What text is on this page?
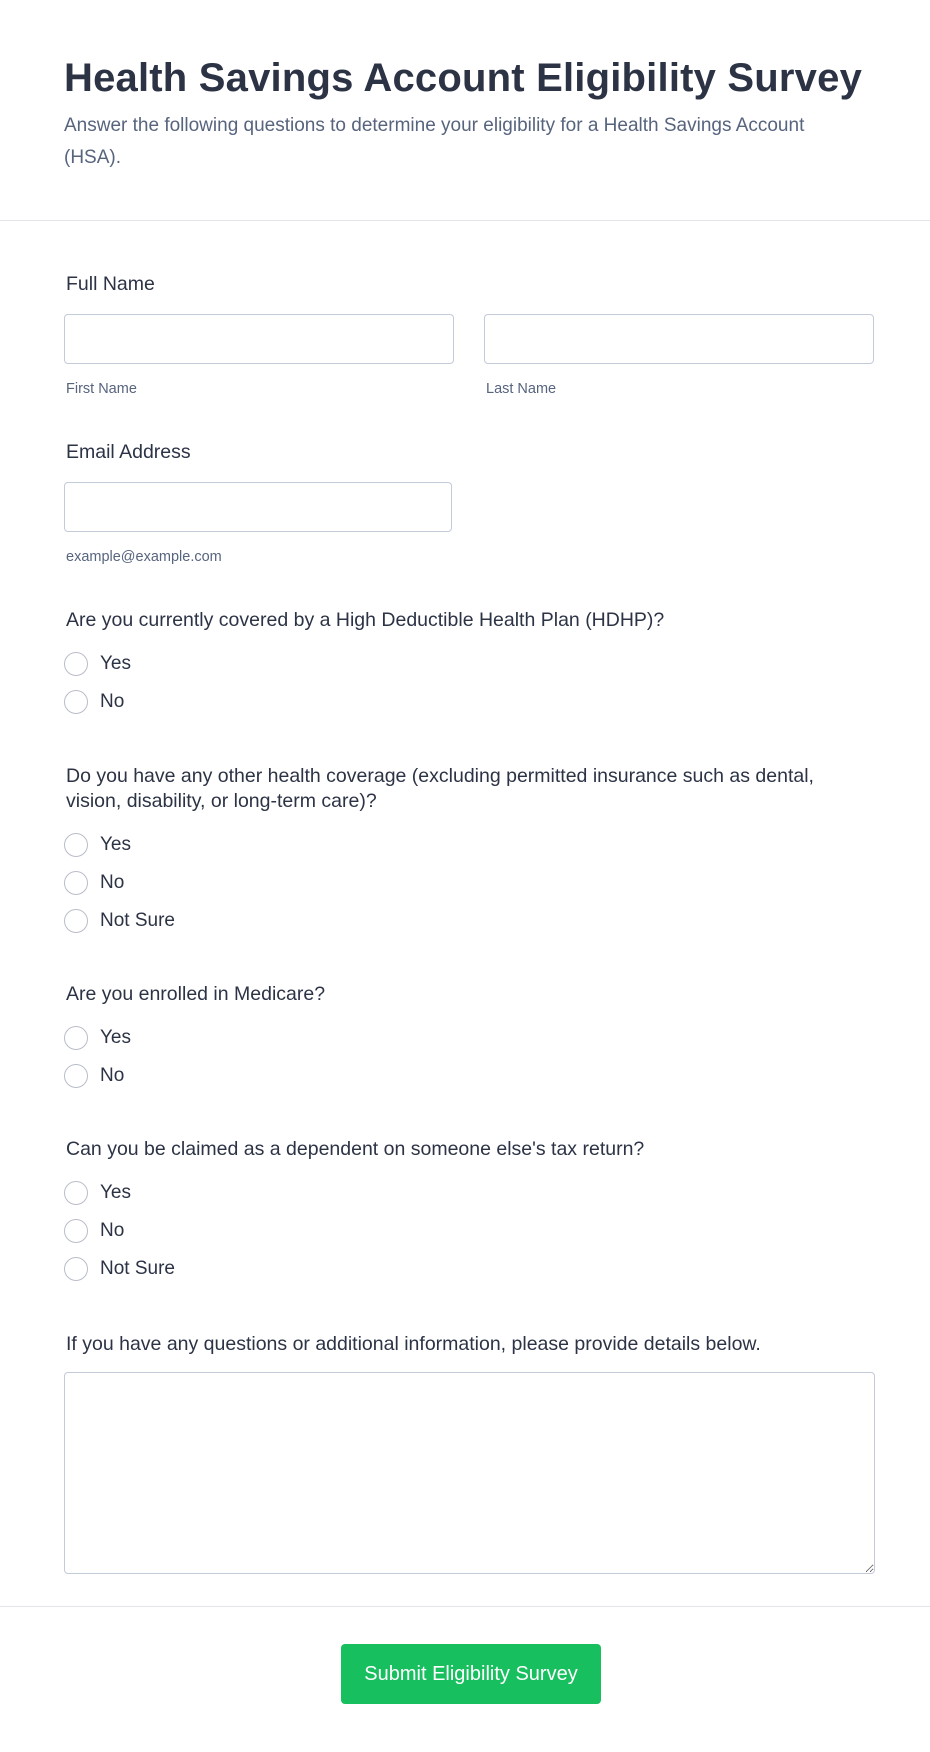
Health Savings Account Eligibility Survey

Answer the following questions to determine your eligibility for a Health Savings Account (HSA).

Full Name
First Name	Last Name
Email Address
example@example.com
Are you currently covered by a High Deductible Health Plan (HDHP)?
Yes
No
Do you have any other health coverage (excluding permitted insurance such as dental, vision, disability, or long-term care)?
Yes
No
Not Sure
Are you enrolled in Medicare?
Yes
No
Can you be claimed as a dependent on someone else's tax return?
Yes
No
Not Sure
If you have any questions or additional information, please provide details below.
Submit Eligibility Survey
